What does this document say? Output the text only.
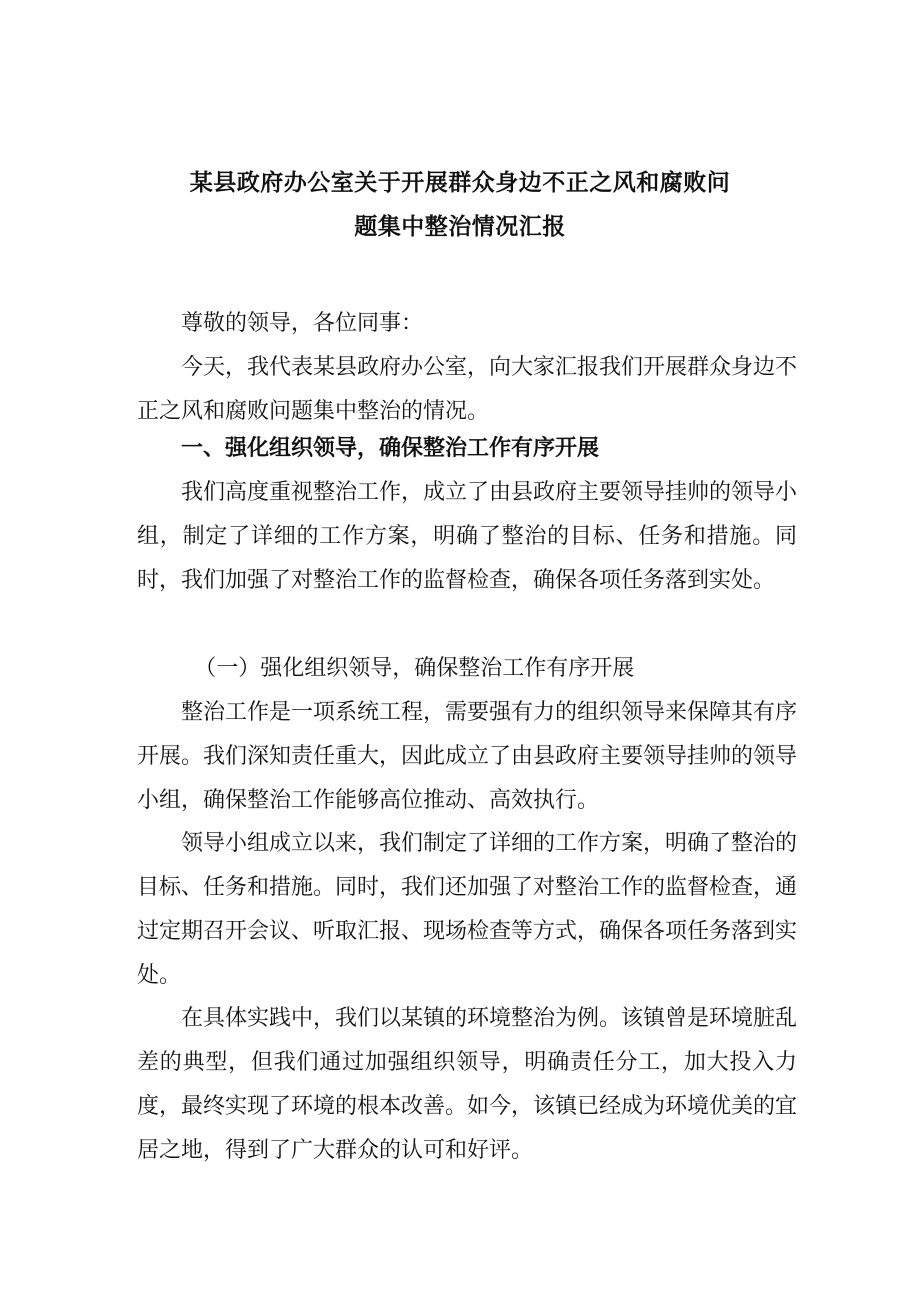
某县政府办公室关于开展群众身边不正之风和腐败问
题集中整治情况汇报

尊敬的领导，各位同事：

今天，我代表某县政府办公室，向大家汇报我们开展群众身边不正之风和腐败问题集中整治的情况。

一、强化组织领导，确保整治工作有序开展

我们高度重视整治工作，成立了由县政府主要领导挂帅的领导小组，制定了详细的工作方案，明确了整治的目标、任务和措施。同时，我们加强了对整治工作的监督检查，确保各项任务落到实处。

（一）强化组织领导，确保整治工作有序开展

整治工作是一项系统工程，需要强有力的组织领导来保障其有序开展。我们深知责任重大，因此成立了由县政府主要领导挂帅的领导小组，确保整治工作能够高位推动、高效执行。

领导小组成立以来，我们制定了详细的工作方案，明确了整治的目标、任务和措施。同时，我们还加强了对整治工作的监督检查，通过定期召开会议、听取汇报、现场检查等方式，确保各项任务落到实处。

在具体实践中，我们以某镇的环境整治为例。该镇曾是环境脏乱差的典型，但我们通过加强组织领导，明确责任分工，加大投入力度，最终实现了环境的根本改善。如今，该镇已经成为环境优美的宜居之地，得到了广大群众的认可和好评。
